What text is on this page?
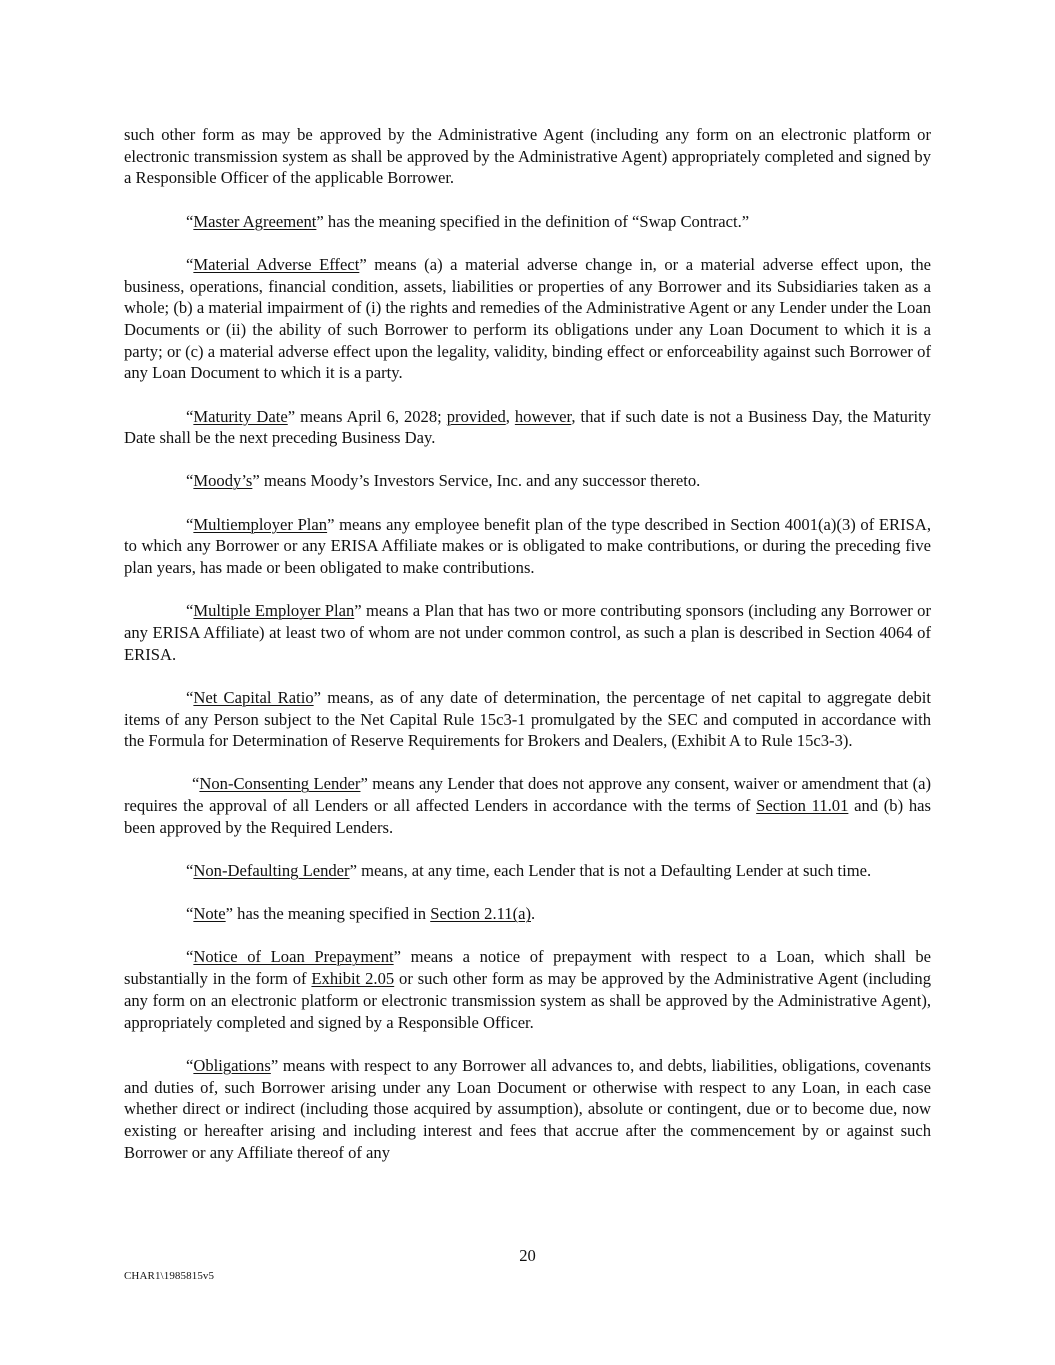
such other form as may be approved by the Administrative Agent (including any form on an electronic platform or electronic transmission system as shall be approved by the Administrative Agent) appropriately completed and signed by a Responsible Officer of the applicable Borrower.

“Master Agreement” has the meaning specified in the definition of “Swap Contract.”

“Material Adverse Effect” means (a) a material adverse change in, or a material adverse effect upon, the business, operations, financial condition, assets, liabilities or properties of any Borrower and its Subsidiaries taken as a whole; (b) a material impairment of (i) the rights and remedies of the Administrative Agent or any Lender under the Loan Documents or (ii) the ability of such Borrower to perform its obligations under any Loan Document to which it is a party; or (c) a material adverse effect upon the legality, validity, binding effect or enforceability against such Borrower of any Loan Document to which it is a party.

“Maturity Date” means April 6, 2028; provided, however, that if such date is not a Business Day, the Maturity Date shall be the next preceding Business Day.

“Moody’s” means Moody’s Investors Service, Inc. and any successor thereto.

“Multiemployer Plan” means any employee benefit plan of the type described in Section 4001(a)(3) of ERISA, to which any Borrower or any ERISA Affiliate makes or is obligated to make contributions, or during the preceding five plan years, has made or been obligated to make contributions.

“Multiple Employer Plan” means a Plan that has two or more contributing sponsors (including any Borrower or any ERISA Affiliate) at least two of whom are not under common control, as such a plan is described in Section 4064 of ERISA.

“Net Capital Ratio” means, as of any date of determination, the percentage of net capital to aggregate debit items of any Person subject to the Net Capital Rule 15c3-1 promulgated by the SEC and computed in accordance with the Formula for Determination of Reserve Requirements for Brokers and Dealers, (Exhibit A to Rule 15c3-3).

“Non-Consenting Lender” means any Lender that does not approve any consent, waiver or amendment that (a) requires the approval of all Lenders or all affected Lenders in accordance with the terms of Section 11.01 and (b) has been approved by the Required Lenders.

“Non-Defaulting Lender” means, at any time, each Lender that is not a Defaulting Lender at such time.

“Note” has the meaning specified in Section 2.11(a).

“Notice of Loan Prepayment” means a notice of prepayment with respect to a Loan, which shall be substantially in the form of Exhibit 2.05 or such other form as may be approved by the Administrative Agent (including any form on an electronic platform or electronic transmission system as shall be approved by the Administrative Agent), appropriately completed and signed by a Responsible Officer.

“Obligations” means with respect to any Borrower all advances to, and debts, liabilities, obligations, covenants and duties of, such Borrower arising under any Loan Document or otherwise with respect to any Loan, in each case whether direct or indirect (including those acquired by assumption), absolute or contingent, due or to become due, now existing or hereafter arising and including interest and fees that accrue after the commencement by or against such Borrower or any Affiliate thereof of any

20
CHAR1\1985815v5
